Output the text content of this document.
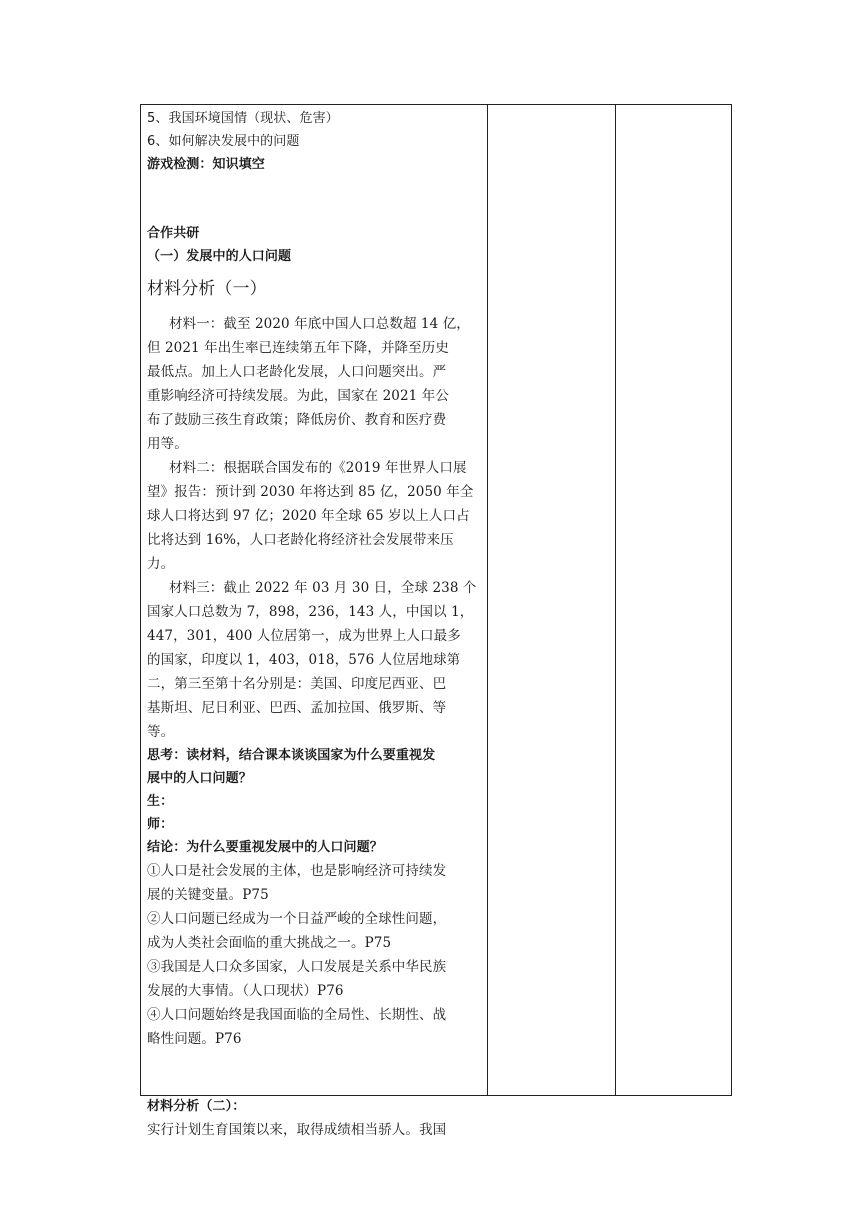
5、我国环境国情（现状、危害）
6、如何解决发展中的问题
游戏检测：知识填空
合作共研
（一）发展中的人口问题
材料分析（一）
材料一：截至 2020 年底中国人口总数超 14 亿，
但 2021 年出生率已连续第五年下降，并降至历史
最低点。加上人口老龄化发展，人口问题突出。严
重影响经济可持续发展。为此，国家在 2021 年公
布了鼓励三孩生育政策；降低房价、教育和医疗费
用等。
材料二：根据联合国发布的《2019 年世界人口展
望》报告：预计到 2030 年将达到 85 亿，2050 年全
球人口将达到 97 亿；2020 年全球 65 岁以上人口占
比将达到 16%，人口老龄化将经济社会发展带来压
力。
材料三：截止 2022 年 03 月 30 日，全球 238 个
国家人口总数为 7，898，236，143 人，中国以 1，
447，301，400 人位居第一，成为世界上人口最多
的国家，印度以 1，403，018，576 人位居地球第
二，第三至第十名分别是：美国、印度尼西亚、巴
基斯坦、尼日利亚、巴西、孟加拉国、俄罗斯、等
等。
思考：读材料，结合课本谈谈国家为什么要重视发
展中的人口问题？
生：
师：
结论：为什么要重视发展中的人口问题？
①人口是社会发展的主体，也是影响经济可持续发
展的关键变量。P75
②人口问题已经成为一个日益严峻的全球性问题，
成为人类社会面临的重大挑战之一。P75
③我国是人口众多国家，人口发展是关系中华民族
发展的大事情。（人口现状）P76
④人口问题始终是我国面临的全局性、长期性、战
略性问题。P76
材料分析（二）：
实行计划生育国策以来，取得成绩相当骄人。我国
